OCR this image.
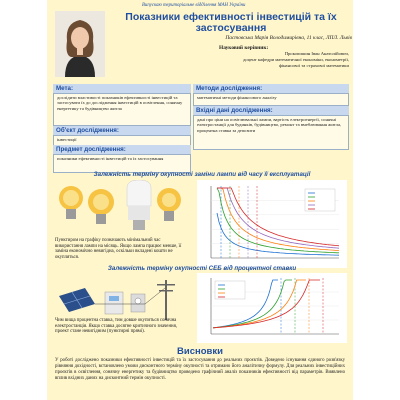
Випускаю територіальне відділення МАН України
Показники ефективності інвестицій та їх
застосування
Пастовська Марія Володимирівна, 11 клас, ЛПЛ. Львів
Науковий керівник:
Прокопишин Іван Анатолійович,
доцент кафедри математичної економіки, економетрії,
фінансової та страхової математики
Мета:
дослідити властивості показників ефективності інвестицій та застосувати їх до дослідження інвестицій в освітлення, сонячну енергетику та будівництво житла
Об'єкт дослідження:
інвестиції
Предмет дослідження:
показники ефективності інвестицій та їх застосування
Методи дослідження:
математичні методи фінансового аналізу
Вхідні дані дослідження:
дані про ціни на освітлювальні лампи, вартість електроенергії, сонячні електростанції для будинків, будівництво, ремонт та вмеблювання житла, процентна ставка за депозити
Залежність терміну окупності заміни лампи від часу її експлуатації
Пунктиром на графіку позначають мінімальний час використання лампи на місяць. Якщо лампа працює менше, її заміна економічно невигідна, оскільки вкладені кошти не окупляться.
Залежність терміну окупності СЕБ від процентної ставки
Чим вища процентна ставка, тим довше окупиться сонячна електростанція. Якщо ставка досягне критичного значення, проект стане невигідним (пунктирні прямі).
Висновки
У роботі досліджено показники ефективності інвестицій та їх застосування до реальних проєктів. Доведено існування єдиного розв'язку рівняння дохідності, встановлено умови дисконтного терміну окупності та отримано його аналітичну формулу. Для реальних інвестиційних проєктів в освітлення, сонячну енергетику та будівництво проведено графічний аналіз показників ефективності від параметрів. Виявлено вплив вхідних даних на дисконтний термін окупності.
